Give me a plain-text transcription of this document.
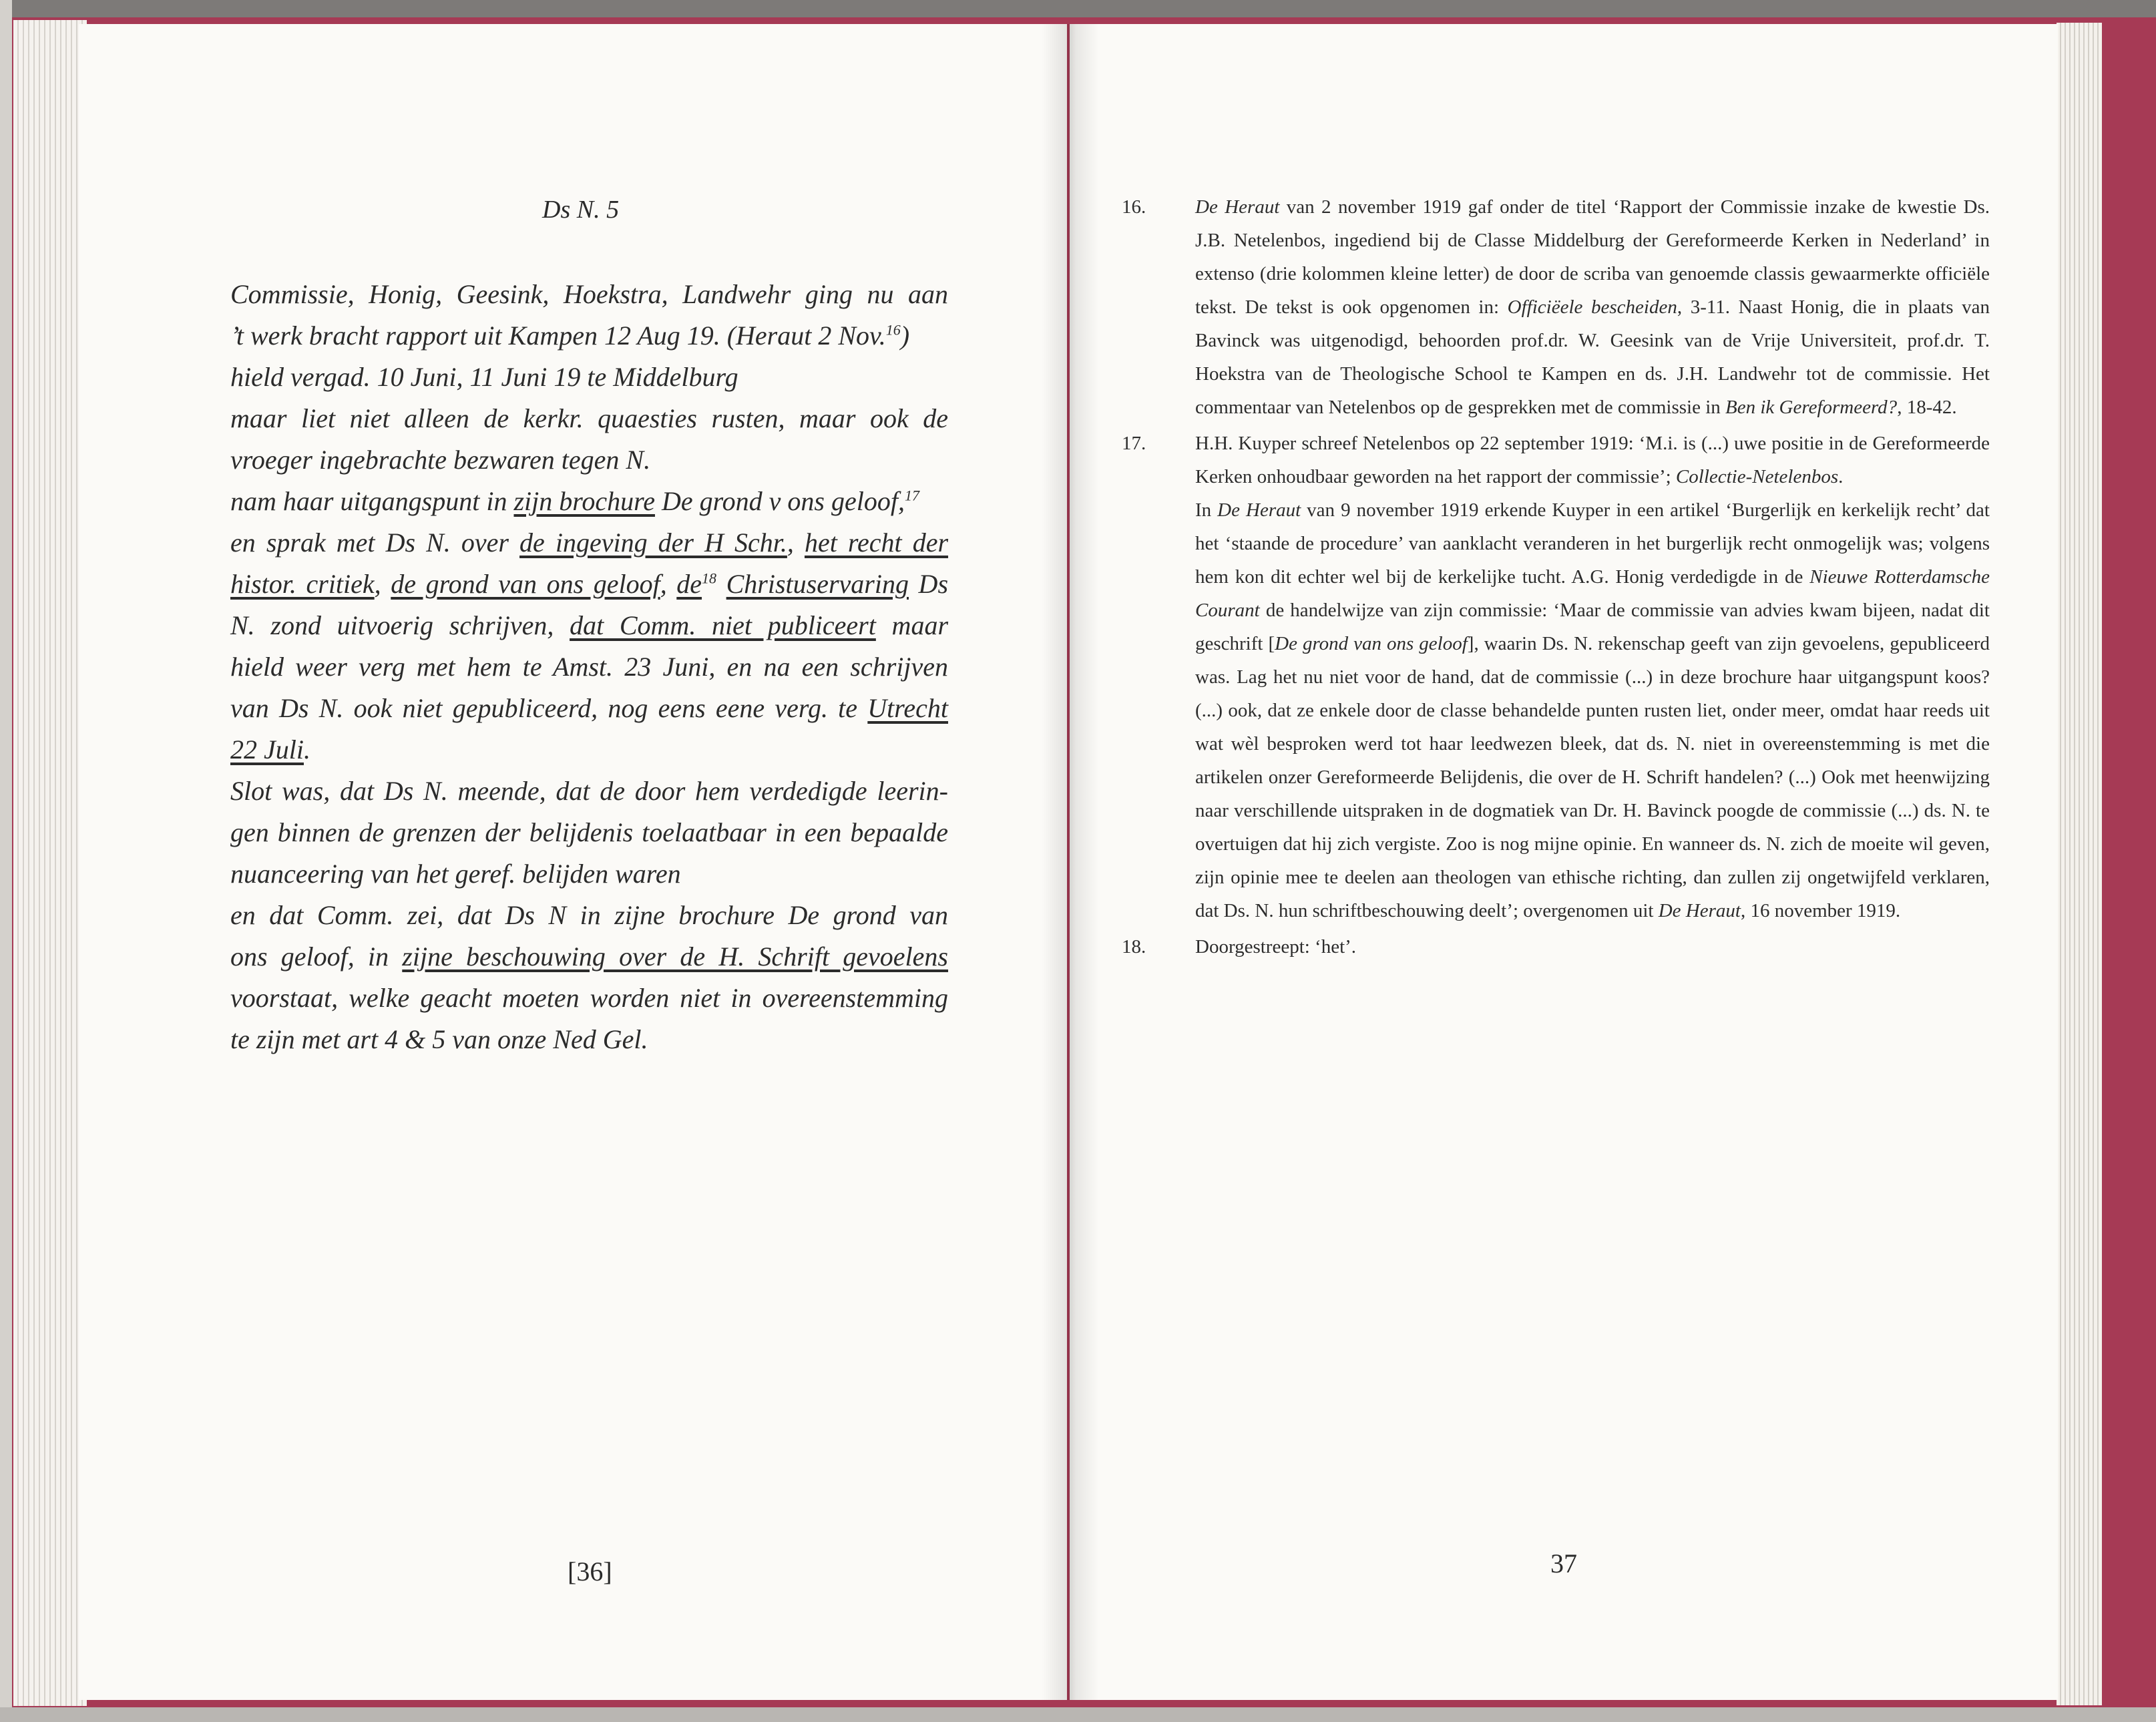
Ds N. 5
Commissie, Honig, Geesink, Hoekstra, Landwehr ging nu aan
’t werk bracht rapport uit Kampen 12 Aug 19. (Heraut 2 Nov.$^{16}$)
hield vergad. 10 Juni, 11 Juni 19 te Middelburg
maar liet niet alleen de kerkr. quaesties rusten, maar ook de
vroeger ingebrachte bezwaren tegen N.
nam haar uitgangspunt in zijn brochure De grond v ons geloof,$^{17}$
en sprak met Ds N. over de ingeving der H Schr., het recht der
histor. critiek, de grond van ons geloof, $de^{18}$ Christuservaring Ds
N. zond uitvoerig schrijven, dat Comm. niet publiceert maar
hield weer verg met hem te Amst. 23 Juni, en na een schrijven
van Ds N. ook niet gepubliceerd, nog eens eene verg. te Utrecht
22 Juli.
Slot was, dat Ds N. meende, dat de door hem verdedigde leerin-
gen binnen de grenzen der belijdenis toelaatbaar in een bepaalde
nuanceering van het geref. belijden waren
en dat Comm. zei, dat Ds N in zijne brochure De grond van
ons geloof, in zijne beschouwing over de H. Schrift gevoelens
voorstaat, welke geacht moeten worden niet in overeenstemming
te zijn met art 4 & 5 van onze Ned Gel.
[36]
16.	De Heraut van 2 november 1919 gaf onder de titel ‘Rapport der Commissie inzake de kwestie Ds. J.B. Netelenbos, ingediend bij de Classe Middelburg der Gereformeerde Kerken in Nederland’ in extenso (drie kolommen kleine letter) de door de scriba van genoemde classis gewaarmerkte officiële tekst. De tekst is ook opgenomen in: Officiëele bescheiden, 3-11. Naast Honig, die in plaats van Bavinck was uitgenodigd, behoorden prof.dr. W. Geesink van de Vrije Universiteit, prof.dr. T. Hoekstra van de Theologische School te Kampen en ds. J.H. Landwehr tot de commissie. Het commentaar van Netelenbos op de gesprekken met de commissie in Ben ik Gereformeerd?, 18-42.
17.	H.H. Kuyper schreef Netelenbos op 22 september 1919: ‘M.i. is (...) uwe positie in de Gereformeerde Kerken onhoudbaar geworden na het rapport der commissie’; Collectie-Netelenbos.
In De Heraut van 9 november 1919 erkende Kuyper in een artikel ‘Burgerlijk en kerkelijk recht’ dat het ‘staande de procedure’ van aanklacht veranderen in het burgerlijk recht onmogelijk was; volgens hem kon dit echter wel bij de kerkelijke tucht. A.G. Honig verdedigde in de Nieuwe Rotterdamsche Courant de handelwijze van zijn commissie: ‘Maar de commissie van advies kwam bijeen, nadat dit geschrift [De grond van ons geloof], waarin Ds. N. rekenschap geeft van zijn gevoelens, gepubliceerd was. Lag het nu niet voor de hand, dat de commissie (...) in deze brochure haar uitgangspunt koos? (...) ook, dat ze enkele door de classe behandelde punten rusten liet, onder meer, omdat haar reeds uit wat wèl besproken werd tot haar leedwezen bleek, dat ds. N. niet in overeenstemming is met die artikelen onzer Gereformeerde Belijdenis, die over de H. Schrift handelen? (...) Ook met heenwijzing naar verschillende uitspraken in de dogmatiek van Dr. H. Bavinck poogde de commissie (...) ds. N. te overtuigen dat hij zich vergiste. Zoo is nog mijne opinie. En wanneer ds. N. zich de moeite wil geven, zijn opinie mee te deelen aan theologen van ethische richting, dan zullen zij ongetwijfeld verklaren, dat Ds. N. hun schriftbeschouwing deelt’; overgenomen uit De Heraut, 16 november 1919.
18.	Doorgestreept: ‘het’.
37
